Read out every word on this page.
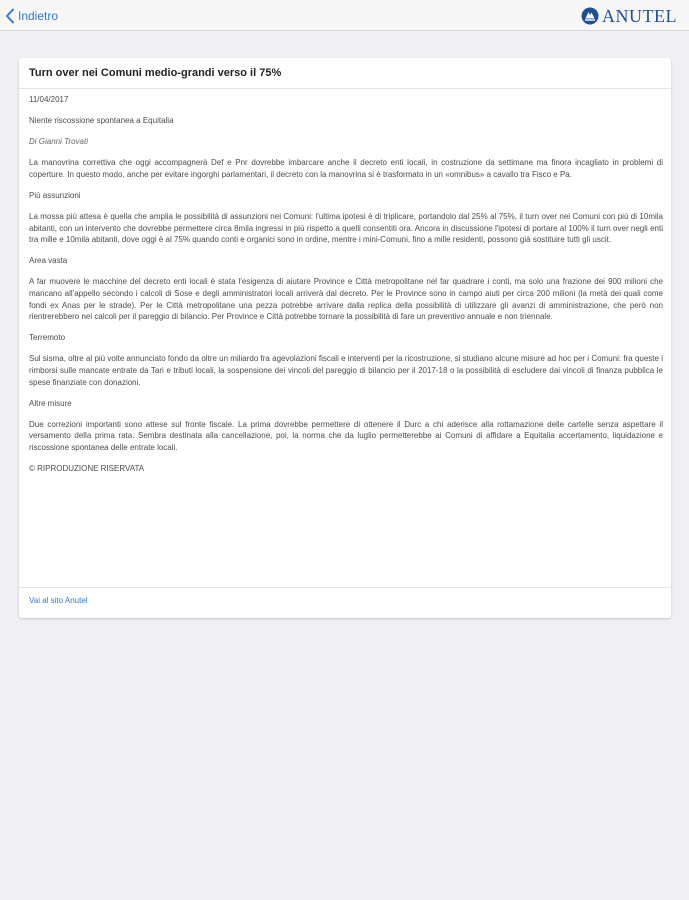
Indietro	ANUTEL
Turn over nei Comuni medio-grandi verso il 75%

11/04/2017

Niente riscossione spontanea a Equitalia

Di Gianni Trovati

La manovrina correttiva che oggi accompagnerà Def e Pnr dovrebbe imbarcare anche il decreto enti locali, in costruzione da settimane ma finora incagliato in problemi di coperture. In questo modo, anche per evitare ingorghi parlamentari, il decreto con la manovrina si è trasformato in un «omnibus» a cavallo tra Fisco e Pa.

Più assunzioni

La mossa più attesa è quella che amplia le possibilità di assunzioni nei Comuni: l'ultima ipotesi è di triplicare, portandolo dal 25% al 75%, il turn over nei Comuni con più di 10mila abitanti, con un intervento che dovrebbe permettere circa 8mila ingressi in più rispetto a quelli consentiti ora. Ancora in discussione l'ipotesi di portare al 100% il turn over negli enti tra mille e 10mila abitanti, dove oggi è al 75% quando conti e organici sono in ordine, mentre i mini-Comuni, fino a mille residenti, possono già sostituire tutti gli uscit.

Area vasta

A far muovere le macchine del decreto enti locali è stata l'esigenza di aiutare Province e Città metropolitane nel far quadrare i conti, ma solo una frazione dei 900 milioni che mancano all'appello secondo i calcoli di Sose e degli amministratori locali arriverà dal decreto. Per le Province sono in campo aiuti per circa 200 milioni (la metà dei quali come fondi ex Anas per le strade). Per le Città metropolitane una pezza potrebbe arrivare dalla replica della possibilità di utilizzare gli avanzi di amministrazione, che però non rientrerebbero nei calcoli per il pareggio di bilancio. Per Province e Città potrebbe tornare la possibilità di fare un preventivo annuale e non triennale.

Terremoto

Sul sisma, oltre al più volte annunciato fondo da oltre un miliardo fra agevolazioni fiscali e interventi per la ricostruzione, si studiano alcune misure ad hoc per i Comuni: fra queste i rimborsi sulle mancate entrate da Tari e tributi locali, la sospensione dei vincoli del pareggio di bilancio per il 2017-18 o la possibilità di escludere dai vincoli di finanza pubblica le spese finanziate con donazioni.

Altre misure

Due correzioni importanti sono attese sul fronte fiscale. La prima dovrebbe permettere di ottenere il Durc a chi aderisce alla rottamazione delle cartelle senza aspettare il versamento della prima rata. Sembra destinata alla cancellazione, poi, la norma che da luglio permetterebbe ai Comuni di affidare a Equitalia accertamento, liquidazione e riscossione spontanea delle entrate locali.

© RIPRODUZIONE RISERVATA

Vai al sito Anutel
